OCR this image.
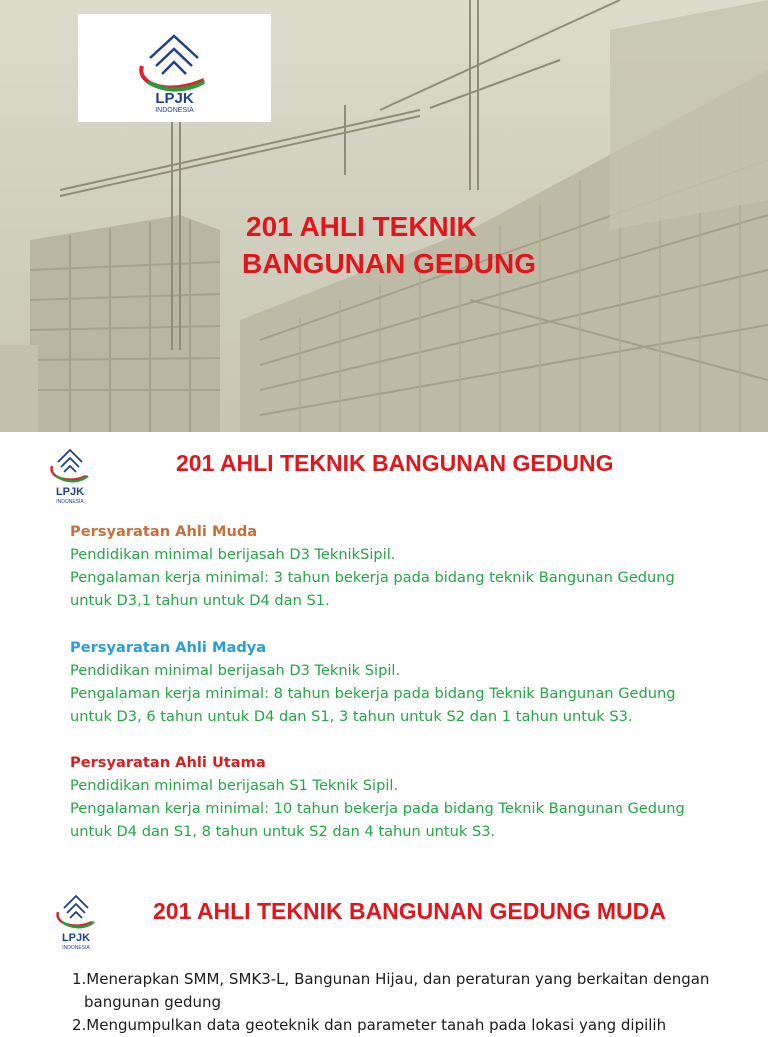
LPJK
INDONESIA
201 AHLI TEKNIK
BANGUNAN GEDUNG
LPJK
INDONESIA
201 AHLI TEKNIK BANGUNAN GEDUNG

Persyaratan Ahli Muda
Pendidikan minimal berijasah D3 TeknikSipil.
Pengalaman kerja minimal: 3 tahun bekerja pada bidang teknik Bangunan Gedung
untuk D3,1 tahun untuk D4 dan S1.

Persyaratan Ahli Madya
Pendidikan minimal berijasah D3 Teknik Sipil.
Pengalaman kerja minimal: 8 tahun bekerja pada bidang Teknik Bangunan Gedung
untuk D3, 6 tahun untuk D4 dan S1, 3 tahun untuk S2 dan 1 tahun untuk S3.

Persyaratan Ahli Utama
Pendidikan minimal berijasah S1 Teknik Sipil.
Pengalaman kerja minimal: 10 tahun bekerja pada bidang Teknik Bangunan Gedung
untuk D4 dan S1, 8 tahun untuk S2 dan 4 tahun untuk S3.

LPJK
INDONESIA
201 AHLI TEKNIK BANGUNAN GEDUNG MUDA
1.Menerapkan SMM, SMK3-L, Bangunan Hijau, dan peraturan yang berkaitan dengan
bangunan gedung
2.Mengumpulkan data geoteknik dan parameter tanah pada lokasi yang dipilih
